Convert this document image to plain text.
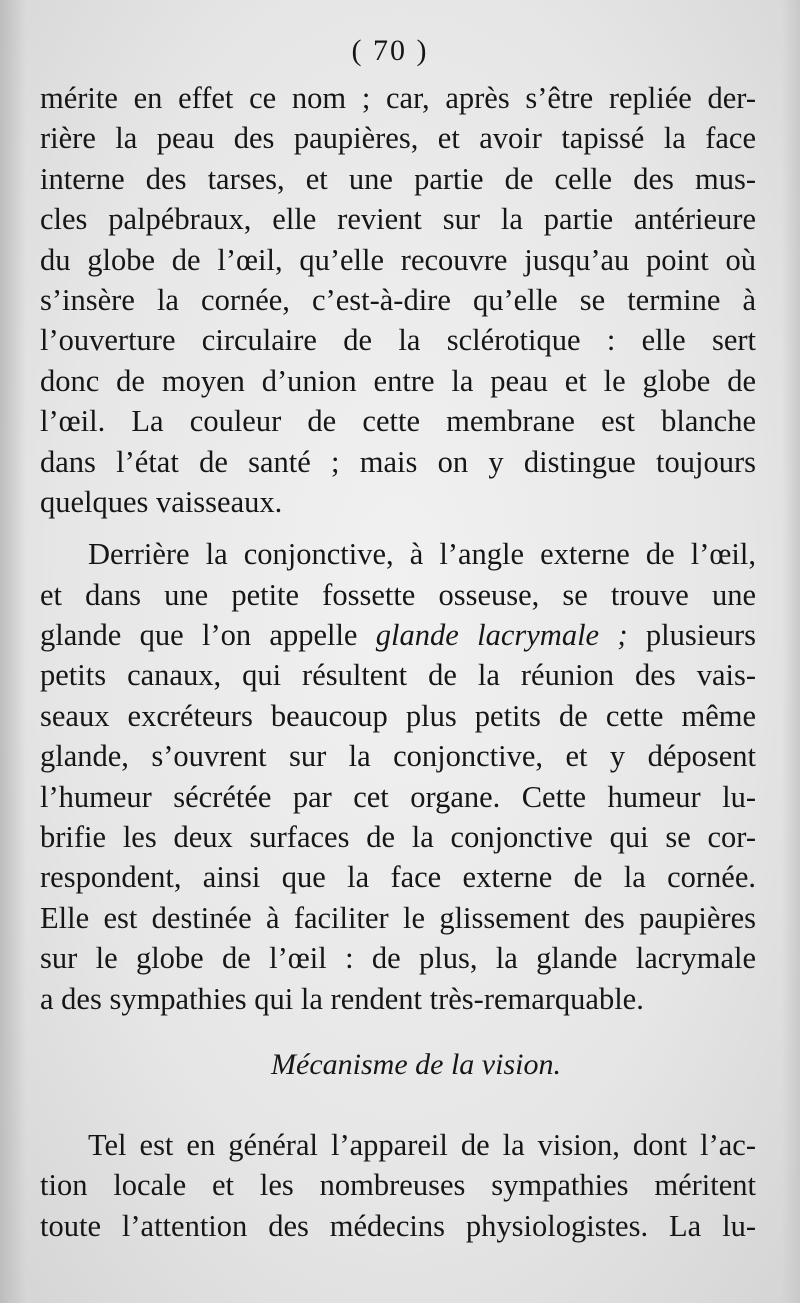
( 70 )
mérite en effet ce nom ; car, après s’être repliée der-
rière la peau des paupières, et avoir tapissé la face
interne des tarses, et une partie de celle des mus-
cles palpébraux, elle revient sur la partie antérieure
du globe de l’œil, qu’elle recouvre jusqu’au point où
s’insère la cornée, c’est-à-dire qu’elle se termine à
l’ouverture circulaire de la sclérotique : elle sert
donc de moyen d’union entre la peau et le globe de
l’œil. La couleur de cette membrane est blanche
dans l’état de santé ; mais on y distingue toujours
quelques vaisseaux.
Derrière la conjonctive, à l’angle externe de l’œil,
et dans une petite fossette osseuse, se trouve une
glande que l’on appelle glande lacrymale ; plusieurs
petits canaux, qui résultent de la réunion des vais-
seaux excréteurs beaucoup plus petits de cette même
glande, s’ouvrent sur la conjonctive, et y déposent
l’humeur sécrétée par cet organe. Cette humeur lu-
brifie les deux surfaces de la conjonctive qui se cor-
respondent, ainsi que la face externe de la cornée.
Elle est destinée à faciliter le glissement des paupières
sur le globe de l’œil : de plus, la glande lacrymale
a des sympathies qui la rendent très-remarquable.
Mécanisme de la vision.
Tel est en général l’appareil de la vision, dont l’ac-
tion locale et les nombreuses sympathies méritent
toute l’attention des médecins physiologistes. La lu-
